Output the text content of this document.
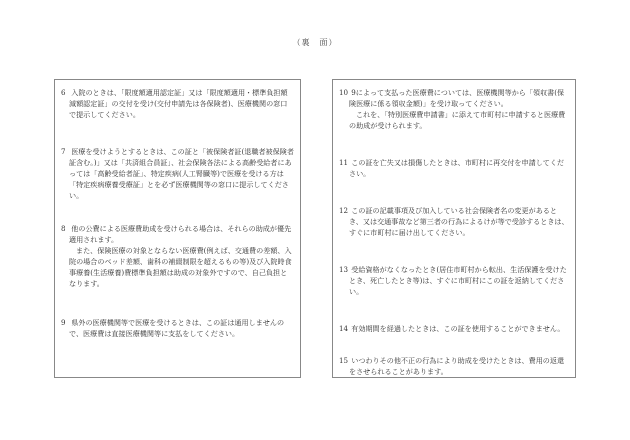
（裏　面）

6 入院のときは、「限度額適用認定証」又は「限度額適用・標準負担額減額認定証」の交付を受け(交付申請先は各保険者)、医療機関の窓口で提示してください。

7 医療を受けようとするときは、この証と「被保険者証(退職者被保険者証含む。)」又は「共済組合員証」、社会保険各法による高齢受給者にあっては「高齢受給者証」、特定疾病(人工腎臓等)で医療を受ける方は「特定疾病療養受療証」とを必ず医療機関等の窓口に提示してください。

8 他の公費による医療費助成を受けられる場合は、それらの助成が優先適用されます。

また、保険医療の対象とならない医療費(例えば、交通費の差額、入院の場合のベッド差額、歯科の補綴制限を超えるもの等)及び入院時食事療養(生活療養)費標準負担額は助成の対象外ですので、自己負担となります。

9 県外の医療機関等で医療を受けるときは、この証は通用しませんので、医療費は直接医療機関等に支払をしてください。

10 9によって支払った医療費については、医療機関等から「領収書(保険医療に係る領収金額)」を受け取ってください。

これを、「特別医療費申請書」に添えて市町村に申請すると医療費の助成が受けられます。

11 この証を亡失又は損傷したときは、市町村に再交付を申請してください。

12 この証の記載事項及び加入している社会保険者名の変更があるとき、又は交通事故など第三者の行為によるけが等で受診するときは、すぐに市町村に届け出してください。

13 受給資格がなくなったとき(居住市町村から転出、生活保護を受けたとき、死亡したとき等)は、すぐに市町村にこの証を返納してください。

14 有効期間を経過したときは、この証を使用することができません。

15 いつわりその他不正の行為により助成を受けたときは、費用の返還をさせられることがあります。
